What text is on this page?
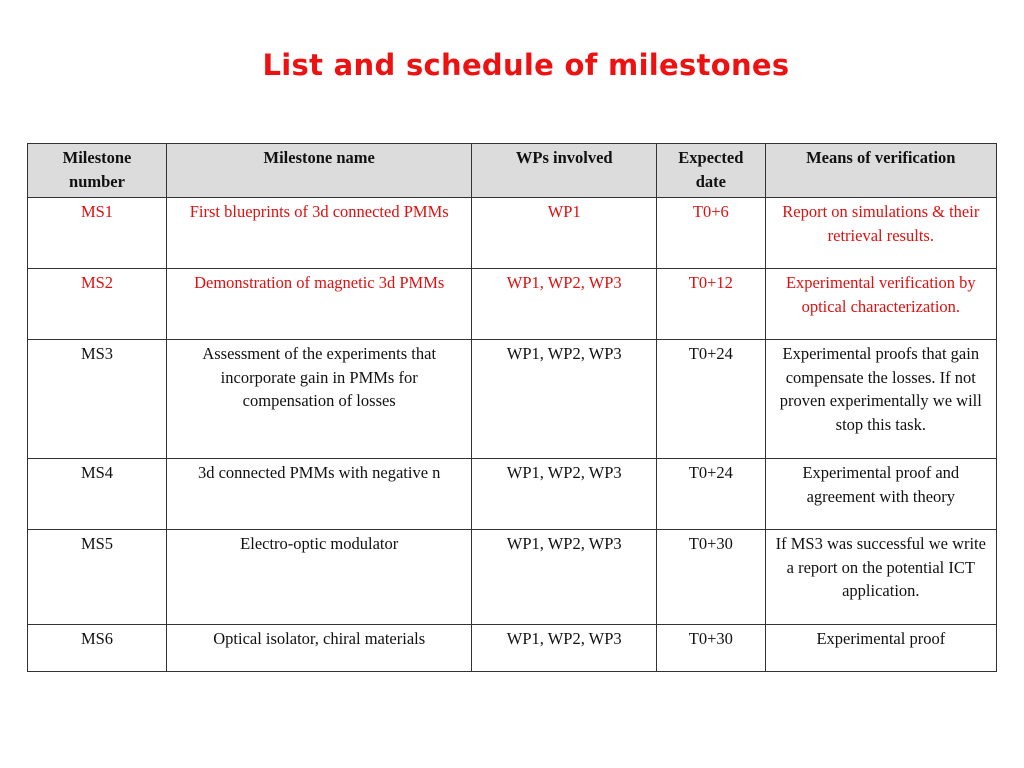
List and schedule of milestones
Milestone number	Milestone name	WPs involved	Expected date	Means of verification
MS1	First blueprints of 3d connected PMMs	WP1	T0+6	Report on simulations & their retrieval results.
MS2	Demonstration of magnetic 3d PMMs	WP1, WP2, WP3	T0+12	Experimental verification by optical characterization.
MS3	Assessment of the experiments that incorporate gain in PMMs for compensation of losses	WP1, WP2, WP3	T0+24	Experimental proofs that gain compensate the losses. If not proven experimentally we will stop this task.
MS4	3d connected PMMs with negative n	WP1, WP2, WP3	T0+24	Experimental proof and agreement with theory
MS5	Electro-optic modulator	WP1, WP2, WP3	T0+30	If MS3 was successful we write a report on the potential ICT application.
MS6	Optical isolator, chiral materials	WP1, WP2, WP3	T0+30	Experimental proof
